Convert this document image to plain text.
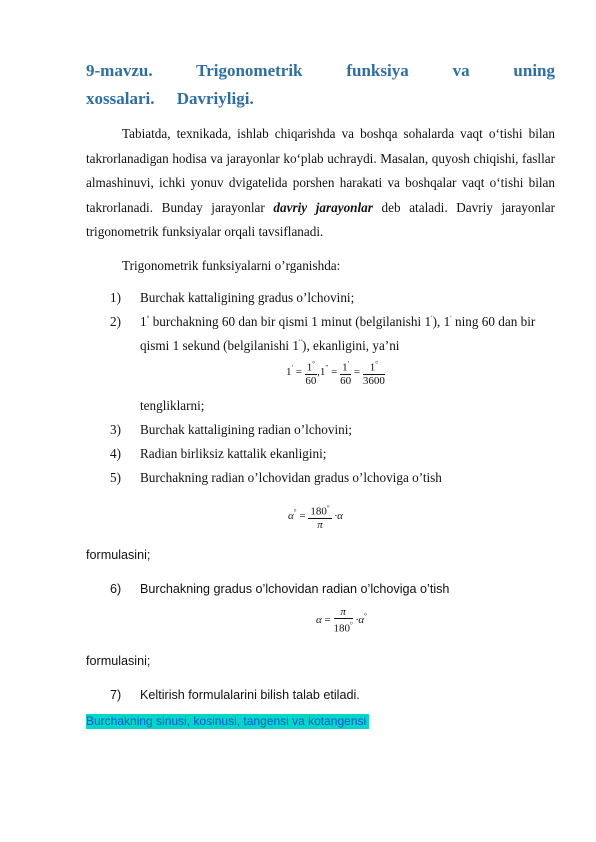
9-mavzu. Trigonometrik funksiya va uning xossalari. Davriyligi.
Tabiatda, texnikada, ishlab chiqarishda va boshqa sohalarda vaqt o‘tishi bilan takrorlanadigan hodisa va jarayonlar ko‘plab uchraydi. Masalan, quyosh chiqishi, fasllar almashinuvi, ichki yonuv dvigatelida porshen harakati va boshqalar vaqt o‘tishi bilan takrorlanadi. Bunday jarayonlar davriy jarayonlar deb ataladi. Davriy jarayonlar trigonometrik funksiyalar orqali tavsiflanadi.
Trigonometrik funksiyalarni o’rganishda:
1) Burchak kattaligining gradus o’lchovini;
2) 1° burchakning 60 dan bir qismi 1 minut (belgilanishi 1′), 1′ ning 60 dan bir
qismi 1 sekund (belgilanishi 1′′), ekanligini, ya’ni
$1' = \frac{1^\circ}{60} ,1'' = \frac{1'}{60} = \frac{1^\circ}{3600}$
tengliklarni;
3) Burchak kattaligining radian o’lchovini;
4) Radian birliksiz kattalik ekanligini;
5) Burchakning radian o’lchovidan gradus o’lchoviga o’tish
$\alpha^\circ = \frac{180^\circ}{\pi} \cdot\alpha$
formulasini;
6) Burchakning gradus o’lchovidan radian o’lchoviga o’tish
$\alpha = \frac{\pi}{180^\circ} \cdot\alpha^\circ$
formulasini;
7) Keltirish formulalarini bilish talab etiladi.
Burchakning sinusi, kosinusi, tangensi va kotangensi
